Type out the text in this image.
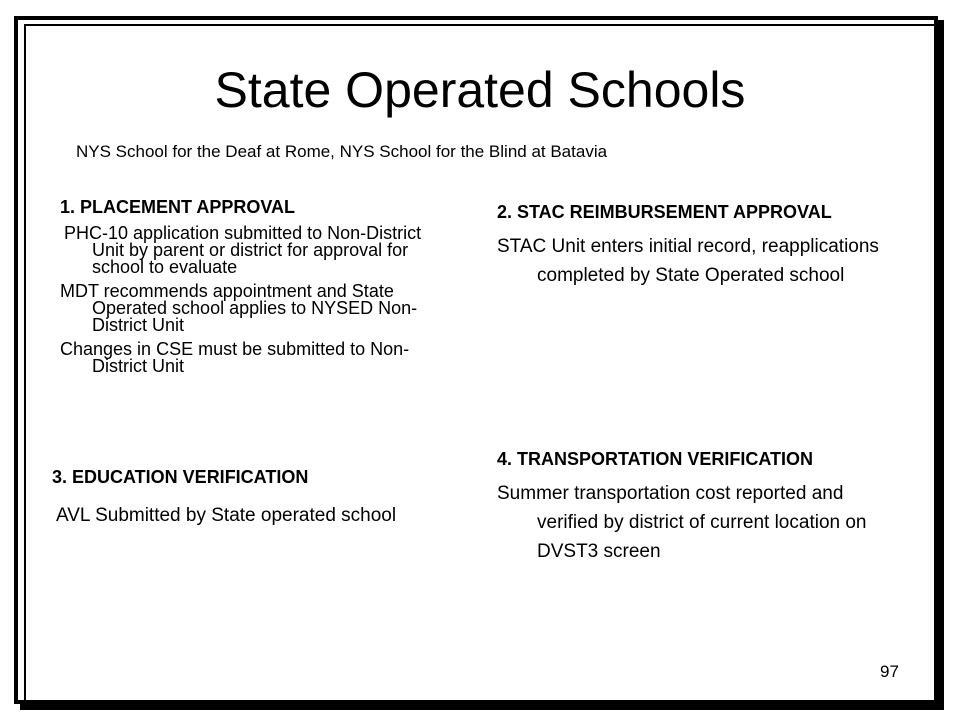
State Operated Schools

NYS School for the Deaf at Rome, NYS School for the Blind at Batavia

1. PLACEMENT APPROVAL

PHC-10 application submitted to Non-District Unit by parent or district for approval for school to evaluate

MDT recommends appointment and State Operated school applies to NYSED Non-District Unit

Changes in CSE must be submitted to Non-District Unit

2. STAC REIMBURSEMENT APPROVAL

STAC Unit enters initial record, reapplications completed by State Operated school

3. EDUCATION VERIFICATION

AVL Submitted by State operated school

4. TRANSPORTATION VERIFICATION

Summer transportation cost reported and verified by district of current location on DVST3 screen

97
